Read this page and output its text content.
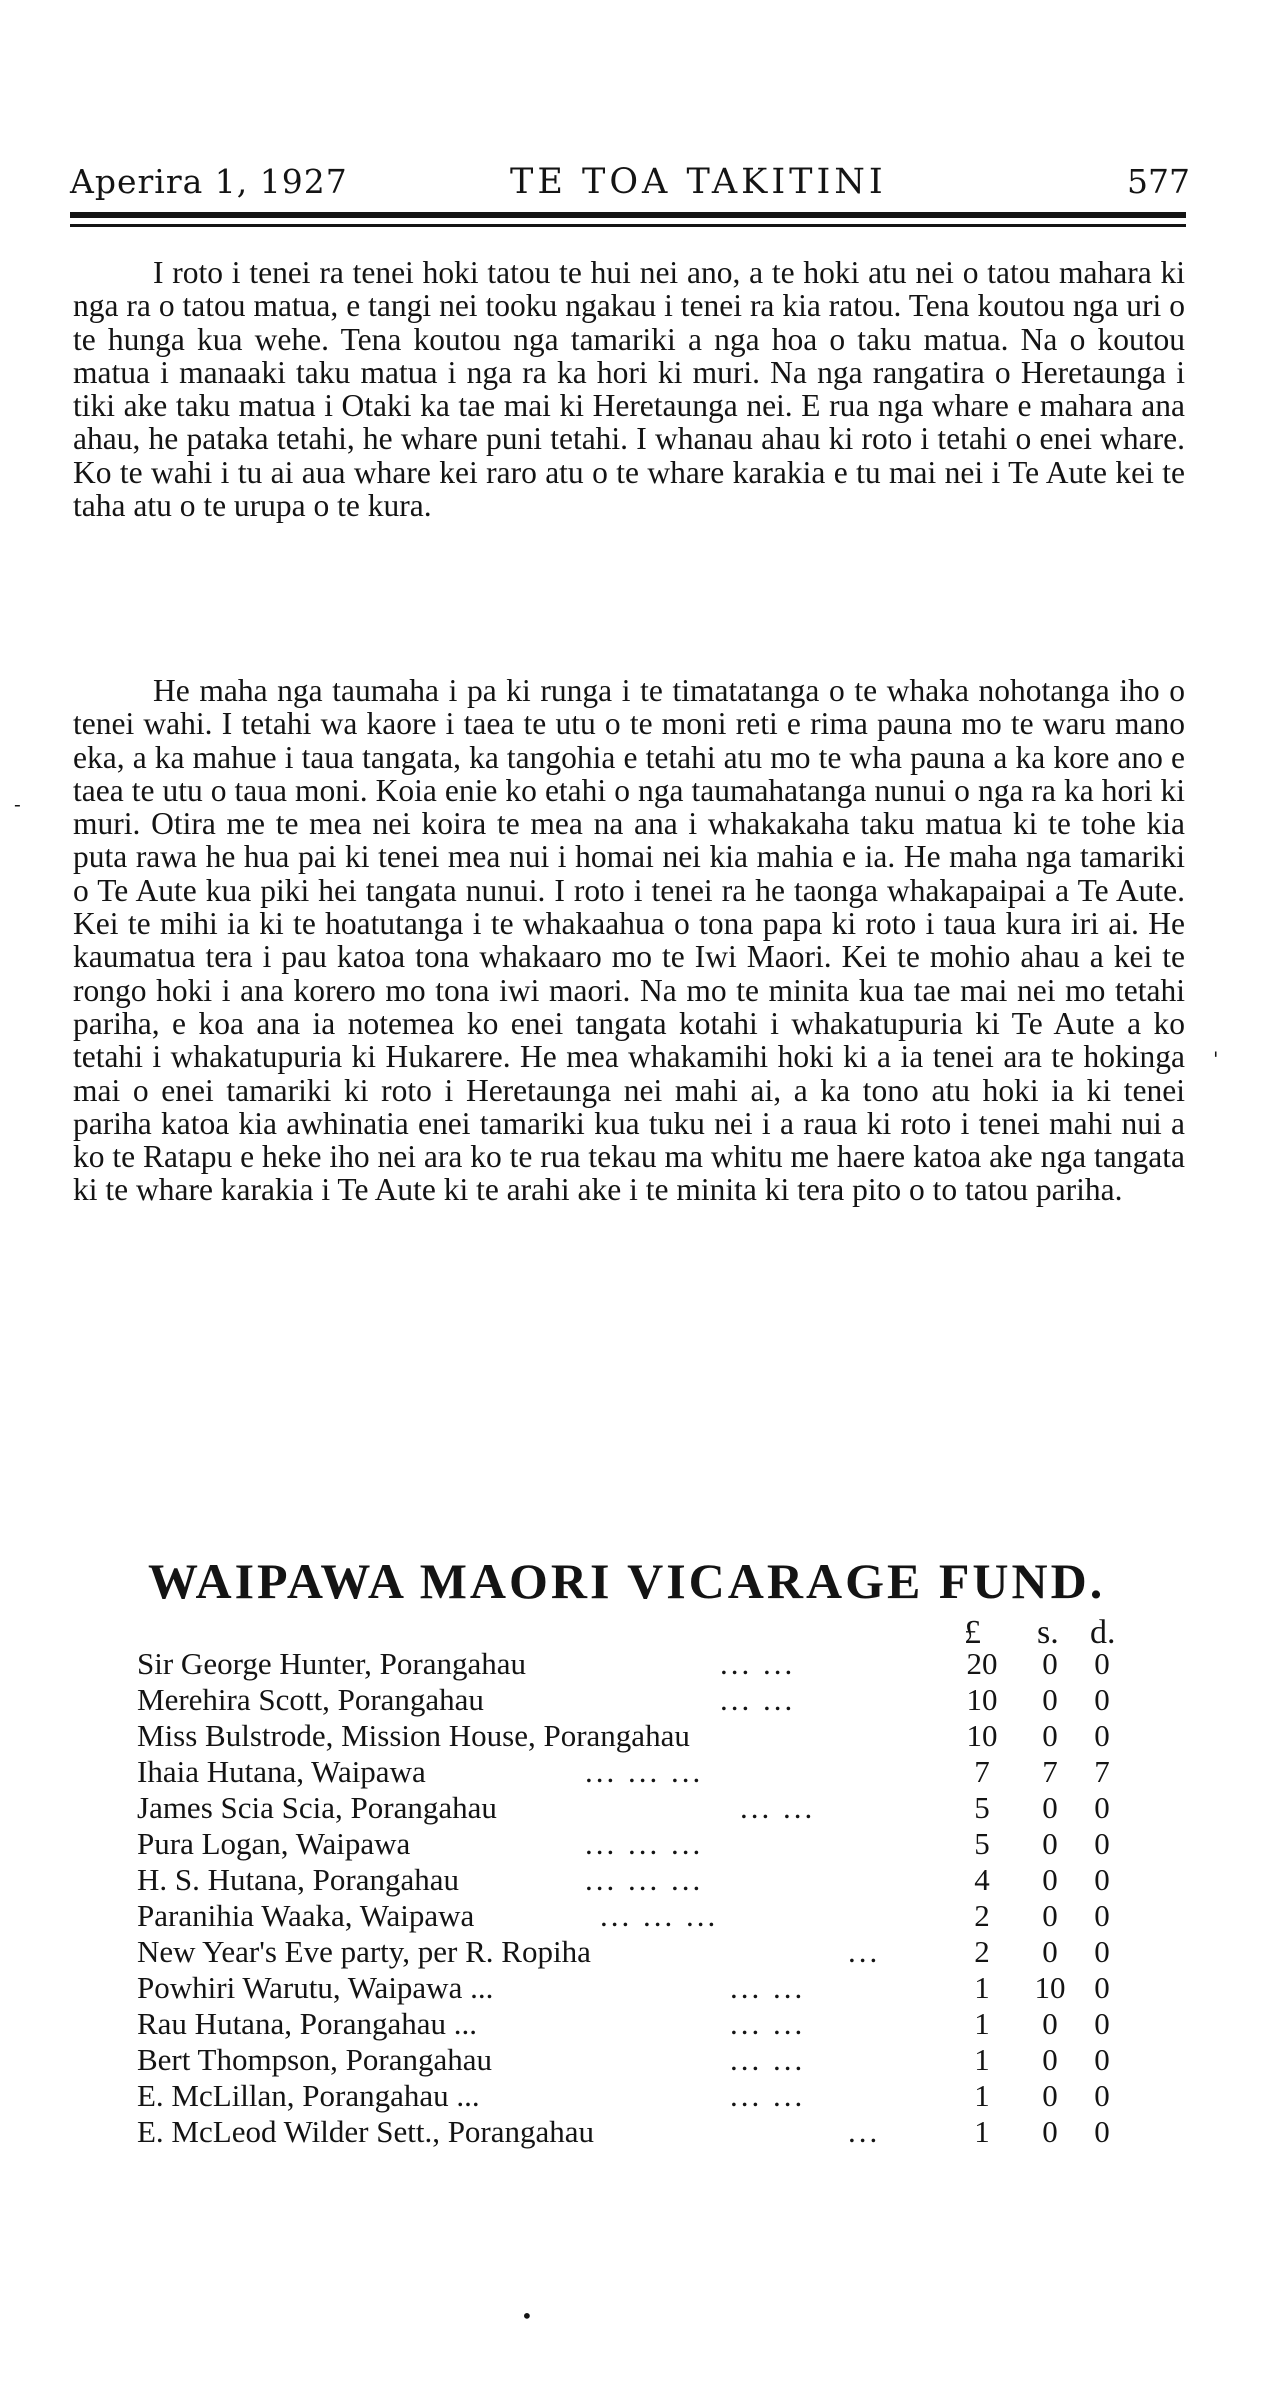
Aperira 1, 1927	TE TOA TAKITINI	577

I roto i tenei ra tenei hoki tatou te hui nei ano, a te hoki atu nei o tatou mahara ki nga ra o tatou matua, e tangi nei tooku ngakau i tenei ra kia ratou. Tena koutou nga uri o te hunga kua wehe. Tena koutou nga tamariki a nga hoa o taku matua. Na o koutou matua i manaaki taku matua i nga ra ka hori ki muri. Na nga rangatira o Heretaunga i tiki ake taku matua i Otaki ka tae mai ki Heretaunga nei. E rua nga whare e mahara ana ahau, he pataka tetahi, he whare puni tetahi. I whanau ahau ki roto i tetahi o enei whare. Ko te wahi i tu ai aua whare kei raro atu o te whare karakia e tu mai nei i Te Aute kei te taha atu o te urupa o te kura.

He maha nga taumaha i pa ki runga i te timatatanga o te whaka nohotanga iho o tenei wahi. I tetahi wa kaore i taea te utu o te moni reti e rima pauna mo te waru mano eka, a ka mahue i taua tangata, ka tangohia e tetahi atu mo te wha pauna a ka kore ano e taea te utu o taua moni. Koia enie ko etahi o nga taumahatanga nunui o nga ra ka hori ki muri. Otira me te mea nei koira te mea na ana i whakakaha taku matua ki te tohe kia puta rawa he hua pai ki tenei mea nui i homai nei kia mahia e ia. He maha nga tamariki o Te Aute kua piki hei tangata nunui. I roto i tenei ra he taonga whakapaipai a Te Aute. Kei te mihi ia ki te hoatutanga i te whakaahua o tona papa ki roto i taua kura iri ai. He kaumatua tera i pau katoa tona whakaaro mo te Iwi Maori. Kei te mohio ahau a kei te rongo hoki i ana korero mo tona iwi maori. Na mo te minita kua tae mai nei mo tetahi pariha, e koa ana ia notemea ko enei tangata kotahi i whakatupuria ki Te Aute a ko tetahi i whakatupuria ki Hukarere. He mea whakamihi hoki ki a ia tenei ara te hokinga mai o enei tamariki ki roto i Heretaunga nei mahi ai, a ka tono atu hoki ia ki tenei pariha katoa kia awhinatia enei tamariki kua tuku nei i a raua ki roto i tenei mahi nui a ko te Ratapu e heke iho nei ara ko te rua tekau ma whitu me haere katoa ake nga tangata ki te whare karakia i Te Aute ki te arahi ake i te minita ki tera pito o to tatou pariha.

WAIPAWA MAORI VICARAGE FUND.
£ s. d.
Sir George Hunter, Porangahau	... ...	20	0	0
Merehira Scott, Porangahau	... ...	10	0	0
Miss Bulstrode, Mission House, Porangahau	10	0	0
Ihaia Hutana, Waipawa	... ... ...	7	7	7
James Scia Scia, Porangahau	... ...	5	0	0
Pura Logan, Waipawa	... ... ...	5	0	0
H. S. Hutana, Porangahau	... ... ...	4	0	0
Paranihia Waaka, Waipawa	... ... ...	2	0	0
New Year's Eve party, per R. Ropiha	...	2	0	0
Powhiri Warutu, Waipawa ...	... ...	1	10 0
Rau Hutana, Porangahau ...	... ...	1	0	0
Bert Thompson, Porangahau	... ...	1	0	0
E. McLillan, Porangahau ...	... ...	1	0	0
E. McLeod Wilder Sett., Porangahau	...	1	0	0
-
'
•
